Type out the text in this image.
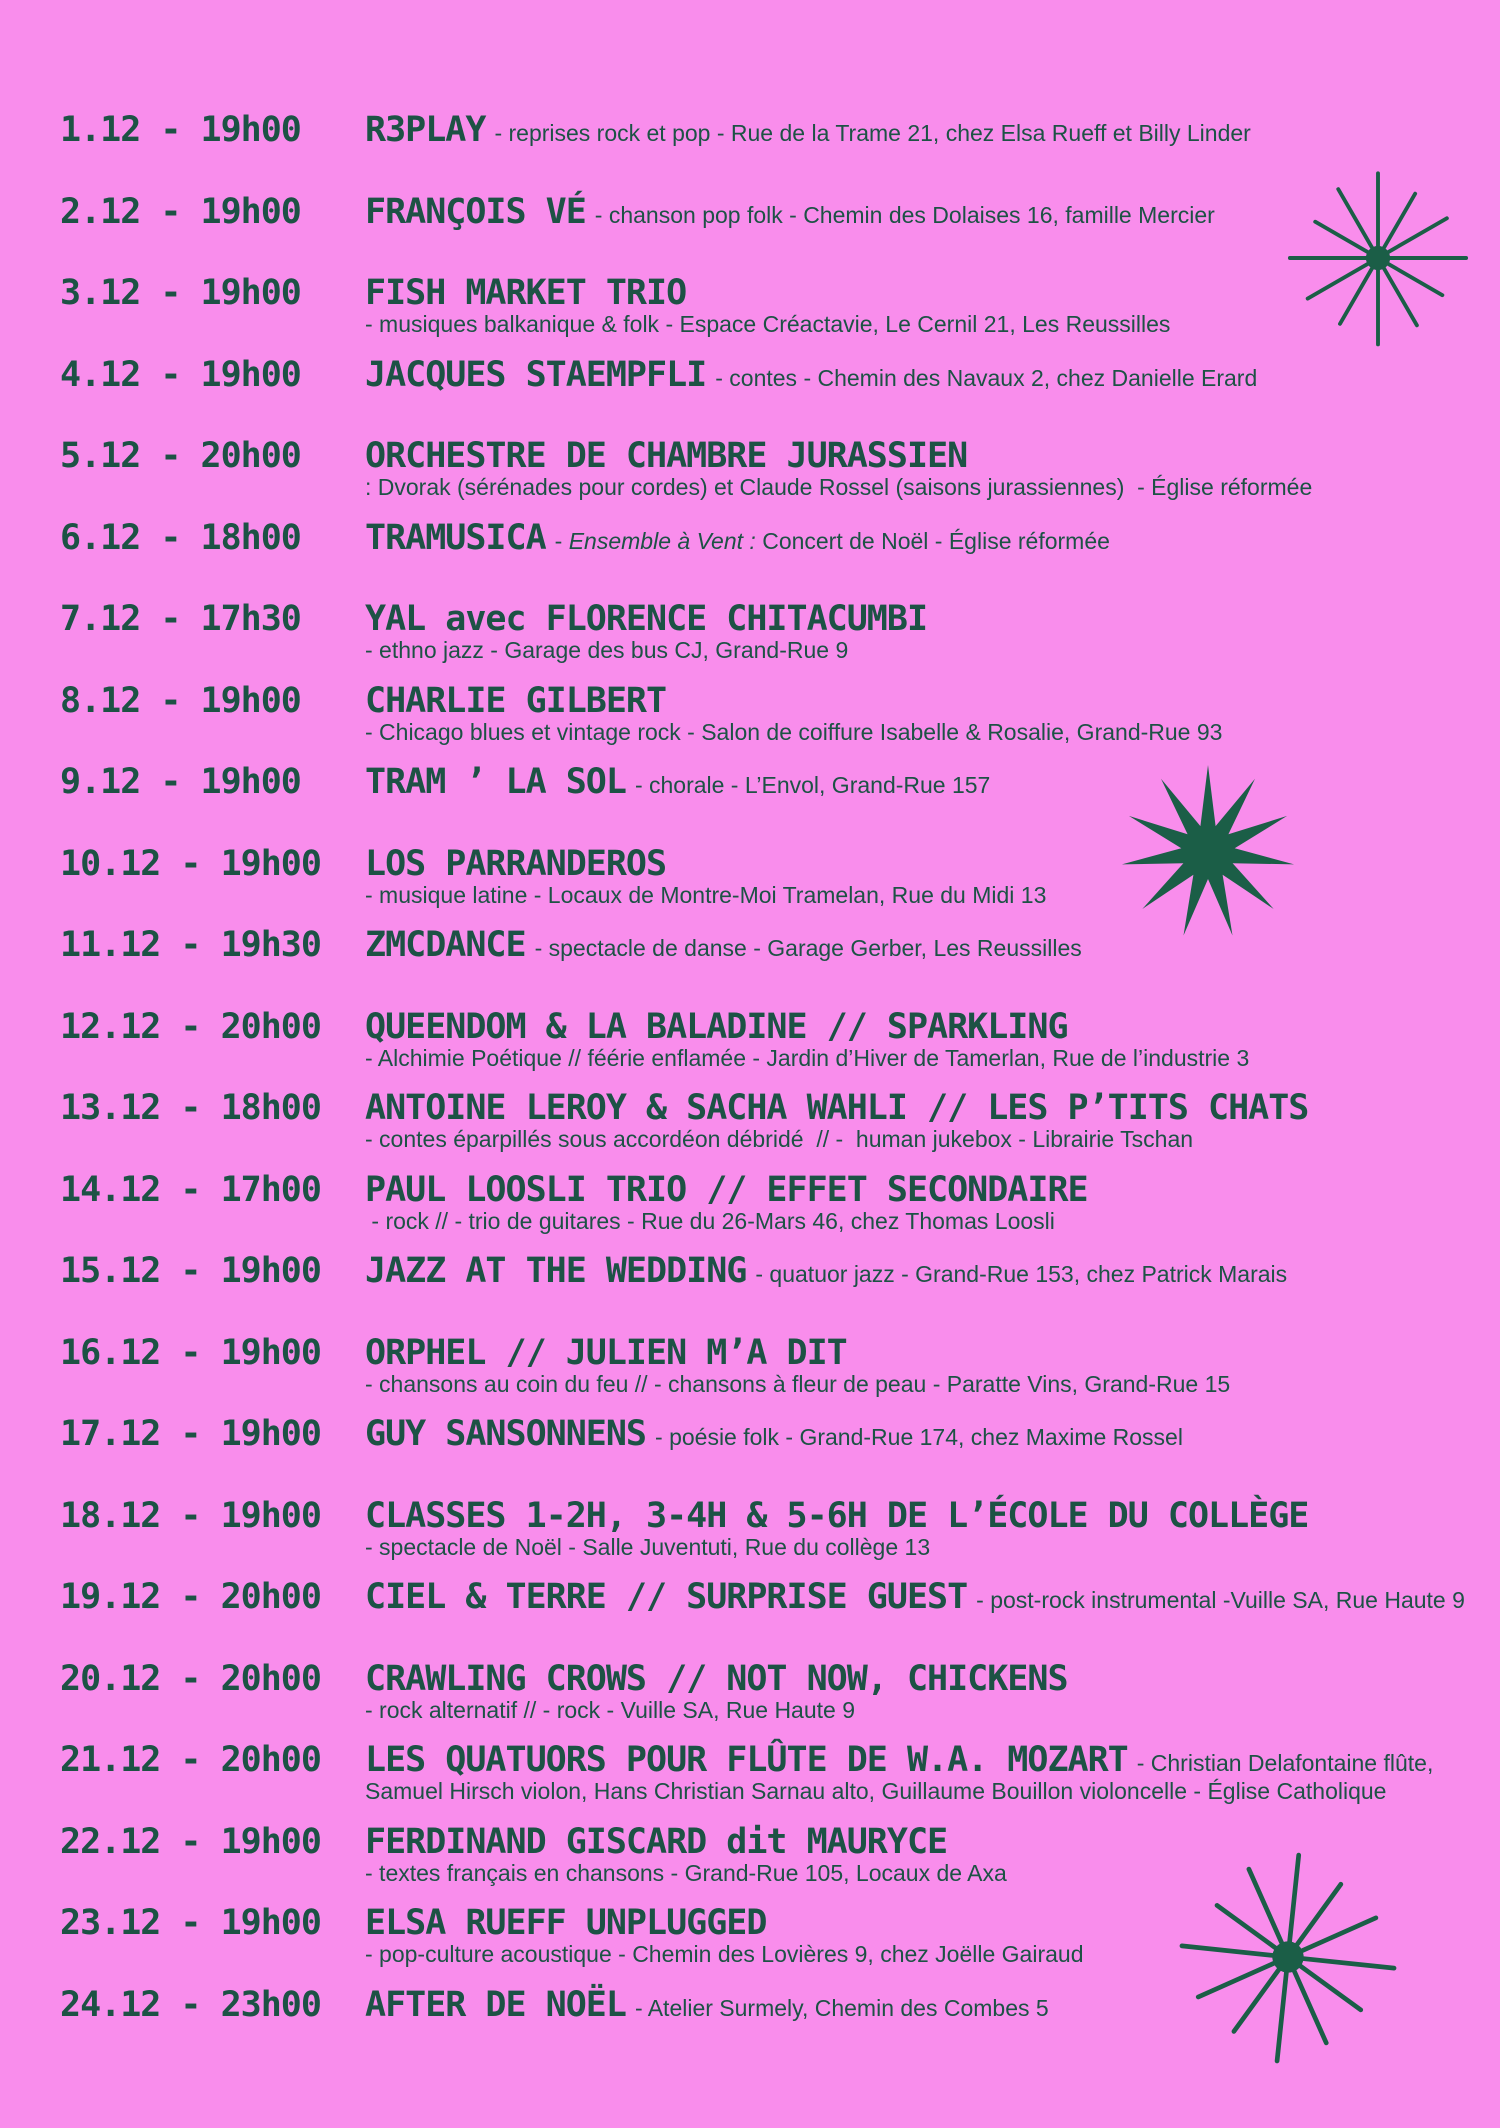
1.12 - 19h00 R3PLAY - reprises rock et pop - Rue de la Trame 21, chez Elsa Rueff et Billy Linder
2.12 - 19h00 FRANÇOIS VÉ - chanson pop folk - Chemin des Dolaises 16, famille Mercier
3.12 - 19h00 FISH MARKET TRIO
- musiques balkanique & folk - Espace Créactavie, Le Cernil 21, Les Reussilles
4.12 - 19h00 JACQUES STAEMPFLI - contes - Chemin des Navaux 2, chez Danielle Erard
5.12 - 20h00 ORCHESTRE DE CHAMBRE JURASSIEN
: Dvorak (sérénades pour cordes) et Claude Rossel (saisons jurassiennes)  - Église réformée
6.12 - 18h00 TRAMUSICA - Ensemble à Vent : Concert de Noël - Église réformée
7.12 - 17h30 YAL avec FLORENCE CHITACUMBI
- ethno jazz - Garage des bus CJ, Grand-Rue 9
8.12 - 19h00 CHARLIE GILBERT
- Chicago blues et vintage rock - Salon de coiffure Isabelle & Rosalie, Grand-Rue 93
9.12 - 19h00 TRAM ’ LA SOL - chorale - L’Envol, Grand-Rue 157
10.12 - 19h00 LOS PARRANDEROS
- musique latine - Locaux de Montre-Moi Tramelan, Rue du Midi 13
11.12 - 19h30 ZMCDANCE - spectacle de danse - Garage Gerber, Les Reussilles
12.12 - 20h00 QUEENDOM & LA BALADINE // SPARKLING
- Alchimie Poétique // féérie enflamée - Jardin d’Hiver de Tamerlan, Rue de l’industrie 3
13.12 - 18h00 ANTOINE LEROY & SACHA WAHLI // LES P’TITS CHATS
- contes éparpillés sous accordéon débridé  // -  human jukebox - Librairie Tschan
14.12 - 17h00 PAUL LOOSLI TRIO // EFFET SECONDAIRE
- rock // - trio de guitares - Rue du 26-Mars 46, chez Thomas Loosli
15.12 - 19h00 JAZZ AT THE WEDDING - quatuor jazz - Grand-Rue 153, chez Patrick Marais
16.12 - 19h00 ORPHEL // JULIEN M’A DIT
- chansons au coin du feu // - chansons à fleur de peau - Paratte Vins, Grand-Rue 15
17.12 - 19h00 GUY SANSONNENS - poésie folk - Grand-Rue 174, chez Maxime Rossel
18.12 - 19h00 CLASSES 1-2H, 3-4H & 5-6H DE L’ÉCOLE DU COLLÈGE
- spectacle de Noël - Salle Juventuti, Rue du collège 13
19.12 - 20h00 CIEL & TERRE // SURPRISE GUEST - post-rock instrumental -Vuille SA, Rue Haute 9
20.12 - 20h00 CRAWLING CROWS // NOT NOW, CHICKENS
- rock alternatif // - rock - Vuille SA, Rue Haute 9
21.12 - 20h00 LES QUATUORS POUR FLÛTE DE W.A. MOZART - Christian Delafontaine flûte,
Samuel Hirsch violon, Hans Christian Sarnau alto, Guillaume Bouillon violoncelle - Église Catholique
22.12 - 19h00 FERDINAND GISCARD dit MAURYCE
- textes français en chansons - Grand-Rue 105, Locaux de Axa
23.12 - 19h00 ELSA RUEFF UNPLUGGED
- pop-culture acoustique - Chemin des Lovières 9, chez Joëlle Gairaud
24.12 - 23h00 AFTER DE NOËL - Atelier Surmely, Chemin des Combes 5
